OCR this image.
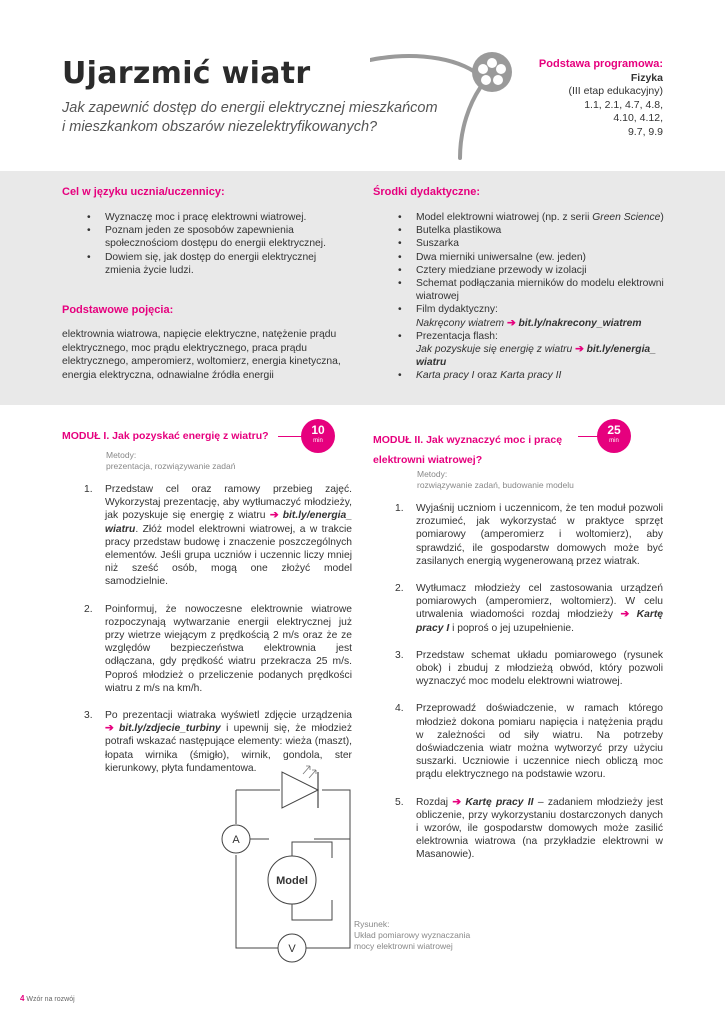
Ujarzmić wiatr
Jak zapewnić dostęp do energii elektrycznej mieszkańcom i mieszkankom obszarów niezelektryfikowanych?
Podstawa programowa:
Fizyka
(III etap edukacyjny)
1.1, 2.1, 4.7, 4.8,
4.10, 4.12,
9.7, 9.9
Cel w języku ucznia/uczennicy:
• Wyznaczę moc i pracę elektrowni wiatrowej.
• Poznam jeden ze sposobów zapewnienia społecznościom dostępu do energii elektrycznej.
• Dowiem się, jak dostęp do energii elektrycznej zmienia życie ludzi.
Podstawowe pojęcia:
elektrownia wiatrowa, napięcie elektryczne, natężenie prądu elektrycznego, moc prądu elektrycznego, praca prądu elektrycznego, amperomierz, woltomierz, energia kinetyczna, energia elektryczna, odnawialne źródła energii
Środki dydaktyczne:
• Model elektrowni wiatrowej (np. z serii Green Science)
• Butelka plastikowa
• Suszarka
• Dwa mierniki uniwersalne (ew. jeden)
• Cztery miedziane przewody w izolacji
• Schemat podłączania mierników do modelu elektrowni wiatrowej
• Film dydaktyczny:
Nakręcony wiatrem ➔ bit.ly/nakrecony_wiatrem
• Prezentacja flash:
Jak pozyskuje się energię z wiatru ➔ bit.ly/energia_ wiatru
• Karta pracy I oraz Karta pracy II
MODUŁ I. Jak pozyskać energię z wiatru?	10
min
Metody:
prezentacja, rozwiązywanie zadań
1. Przedstaw cel oraz ramowy przebieg zajęć. Wykorzystaj prezentację, aby wytłumaczyć młodzieży, jak pozyskuje się energię z wiatru ➔ bit.ly/energia_ wiatru. Złóż model elektrowni wiatrowej, a w trakcie pracy przedstaw budowę i znaczenie poszczególnych elementów. Jeśli grupa uczniów i uczennic liczy mniej niż sześć osób, mogą one złożyć model samodzielnie.
2. Poinformuj, że nowoczesne elektrownie wiatrowe rozpoczynają wytwarzanie energii elektrycznej już przy wietrze wiejącym z prędkością 2 m/s oraz że ze względów bezpieczeństwa elektrownia jest odłączana, gdy prędkość wiatru przekracza 25 m/s. Poproś młodzież o przeliczenie podanych prędkości wiatru z m/s na km/h.
3. Po prezentacji wiatraka wyświetl zdjęcie urządzenia ➔ bit.ly/zdjecie_turbiny i upewnij się, że młodzież potrafi wskazać następujące elementy: wieża (maszt), łopata wirnika (śmigło), wirnik, gondola, ster kierunkowy, płyta fundamentowa.
A
Model
V
Rysunek:
Układ pomiarowy wyznaczania
mocy elektrowni wiatrowej
MODUŁ II. Jak wyznaczyć moc i pracę
elektrowni wiatrowej?
25
min
Metody:
rozwiązywanie zadań, budowanie modelu
1. Wyjaśnij uczniom i uczennicom, że ten moduł pozwoli zrozumieć, jak wykorzystać w praktyce sprzęt pomiarowy (amperomierz i woltomierz), aby sprawdzić, ile gospodarstw domowych może być zasilanych energią wygenerowaną przez wiatrak.
2. Wytłumacz młodzieży cel zastosowania urządzeń pomiarowych (amperomierz, woltomierz). W celu utrwalenia wiadomości rozdaj młodzieży ➔ Kartę pracy I i poproś o jej uzupełnienie.
3. Przedstaw schemat układu pomiarowego (rysunek obok) i zbuduj z młodzieżą obwód, który pozwoli wyznaczyć moc modelu elektrowni wiatrowej.
4. Przeprowadź doświadczenie, w ramach którego młodzież dokona pomiaru napięcia i natężenia prądu w zależności od siły wiatru. Na potrzeby doświadczenia wiatr można wytworzyć przy użyciu suszarki. Uczniowie i uczennice niech obliczą moc prądu elektrycznego na podstawie wzoru.
5. Rozdaj ➔ Kartę pracy II – zadaniem młodzieży jest obliczenie, przy wykorzystaniu dostarczonych danych i wzorów, ile gospodarstw domowych może zasilić elektrownia wiatrowa (na przykładzie elektrowni w Masanowie).
4 Wzór na rozwój
